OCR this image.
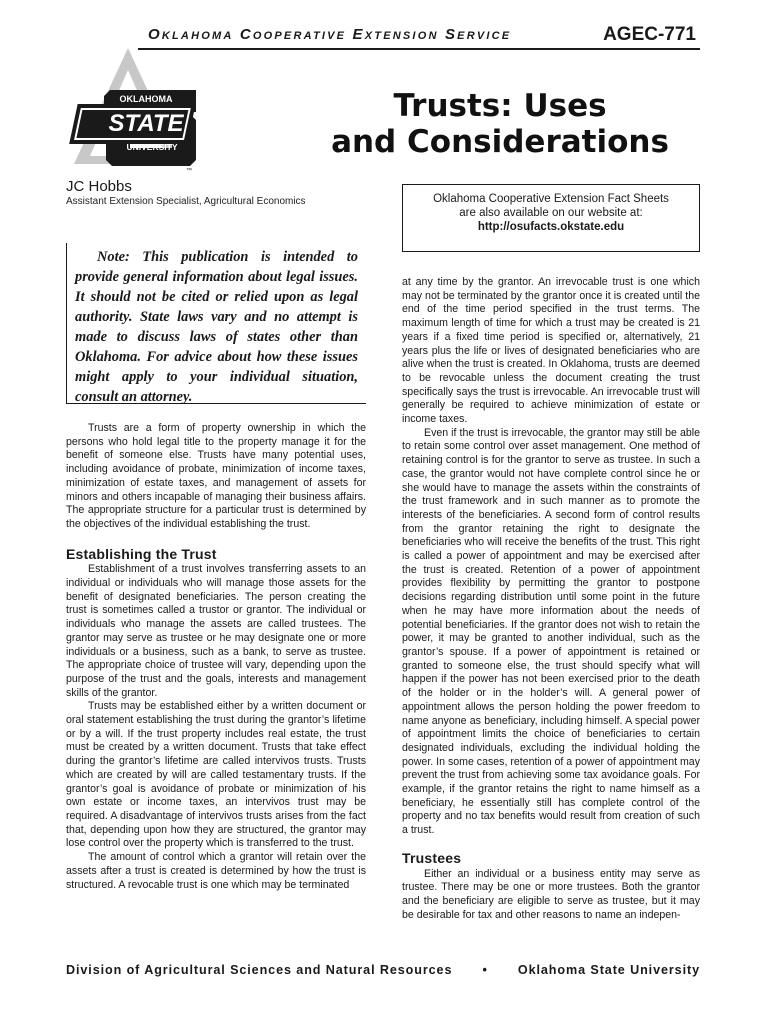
Oklahoma Cooperative Extension Service	AGEC-771
OKLAHOMA
STATE
UNIVERSITY
™
Trusts: Uses
and Considerations
JC Hobbs
Assistant Extension Specialist, Agricultural Economics	Oklahoma Cooperative Extension Fact Sheets
are also available on our website at:
http://osufacts.okstate.edu
Note: This publication is intended to provide general information about legal issues. It should not be cited or relied upon as legal authority. State laws vary and no attempt is made to discuss laws of states other than Oklahoma. For advice about how these issues might apply to your individual situation, consult an attorney.

Trusts are a form of property ownership in which the persons who hold legal title to the property manage it for the benefit of someone else. Trusts have many potential uses, including avoidance of probate, minimization of income taxes, minimization of estate taxes, and management of assets for minors and others incapable of managing their business affairs. The appropriate structure for a particular trust is determined by the objectives of the individual establishing the trust.

Establishing the Trust

Establishment of a trust involves transferring assets to an individual or individuals who will manage those assets for the benefit of designated beneficiaries. The person creating the trust is sometimes called a trustor or grantor. The individual or individuals who manage the assets are called trustees. The grantor may serve as trustee or he may designate one or more individuals or a business, such as a bank, to serve as trustee. The appropriate choice of trustee will vary, depending upon the purpose of the trust and the goals, interests and management skills of the grantor.

Trusts may be established either by a written document or oral statement establishing the trust during the grantor’s lifetime or by a will. If the trust property includes real estate, the trust must be created by a written document. Trusts that take effect during the grantor’s lifetime are called intervivos trusts. Trusts which are created by will are called testamentary trusts. If the grantor’s goal is avoidance of probate or minimization of his own estate or income taxes, an intervivos trust may be required. A disadvantage of intervivos trusts arises from the fact that, depending upon how they are structured, the grantor may lose control over the property which is transferred to the trust.

The amount of control which a grantor will retain over the assets after a trust is created is determined by how the trust is structured. A revocable trust is one which may be terminated

at any time by the grantor. An irrevocable trust is one which may not be terminated by the grantor once it is created until the end of the time period specified in the trust terms. The maximum length of time for which a trust may be created is 21 years if a fixed time period is specified or, alternatively, 21 years plus the life or lives of designated beneficiaries who are alive when the trust is created. In Oklahoma, trusts are deemed to be revocable unless the document creating the trust specifically says the trust is irrevocable. An irrevocable trust will generally be required to achieve minimization of estate or income taxes.

Even if the trust is irrevocable, the grantor may still be able to retain some control over asset management. One method of retaining control is for the grantor to serve as trustee. In such a case, the grantor would not have complete control since he or she would have to manage the assets within the constraints of the trust framework and in such manner as to promote the interests of the beneficiaries. A second form of control results from the grantor retaining the right to designate the beneficiaries who will receive the benefits of the trust. This right is called a power of appointment and may be exercised after the trust is created. Retention of a power of appointment provides flexibility by permitting the grantor to postpone decisions regarding distribution until some point in the future when he may have more information about the needs of potential beneficiaries. If the grantor does not wish to retain the power, it may be granted to another individual, such as the grantor’s spouse. If a power of appointment is retained or granted to someone else, the trust should specify what will happen if the power has not been exercised prior to the death of the holder or in the holder’s will. A general power of appointment allows the person holding the power freedom to name anyone as beneficiary, including himself. A special power of appointment limits the choice of beneficiaries to certain designated individuals, excluding the individual holding the power. In some cases, retention of a power of appointment may prevent the trust from achieving some tax avoidance goals. For example, if the grantor retains the right to name himself as a beneficiary, he essentially still has complete control of the property and no tax benefits would result from creation of such a trust.

Trustees

Either an individual or a business entity may serve as trustee. There may be one or more trustees. Both the grantor and the beneficiary are eligible to serve as trustee, but it may be desirable for tax and other reasons to name an indepen-

Division of Agricultural Sciences and Natural Resources • Oklahoma State University
